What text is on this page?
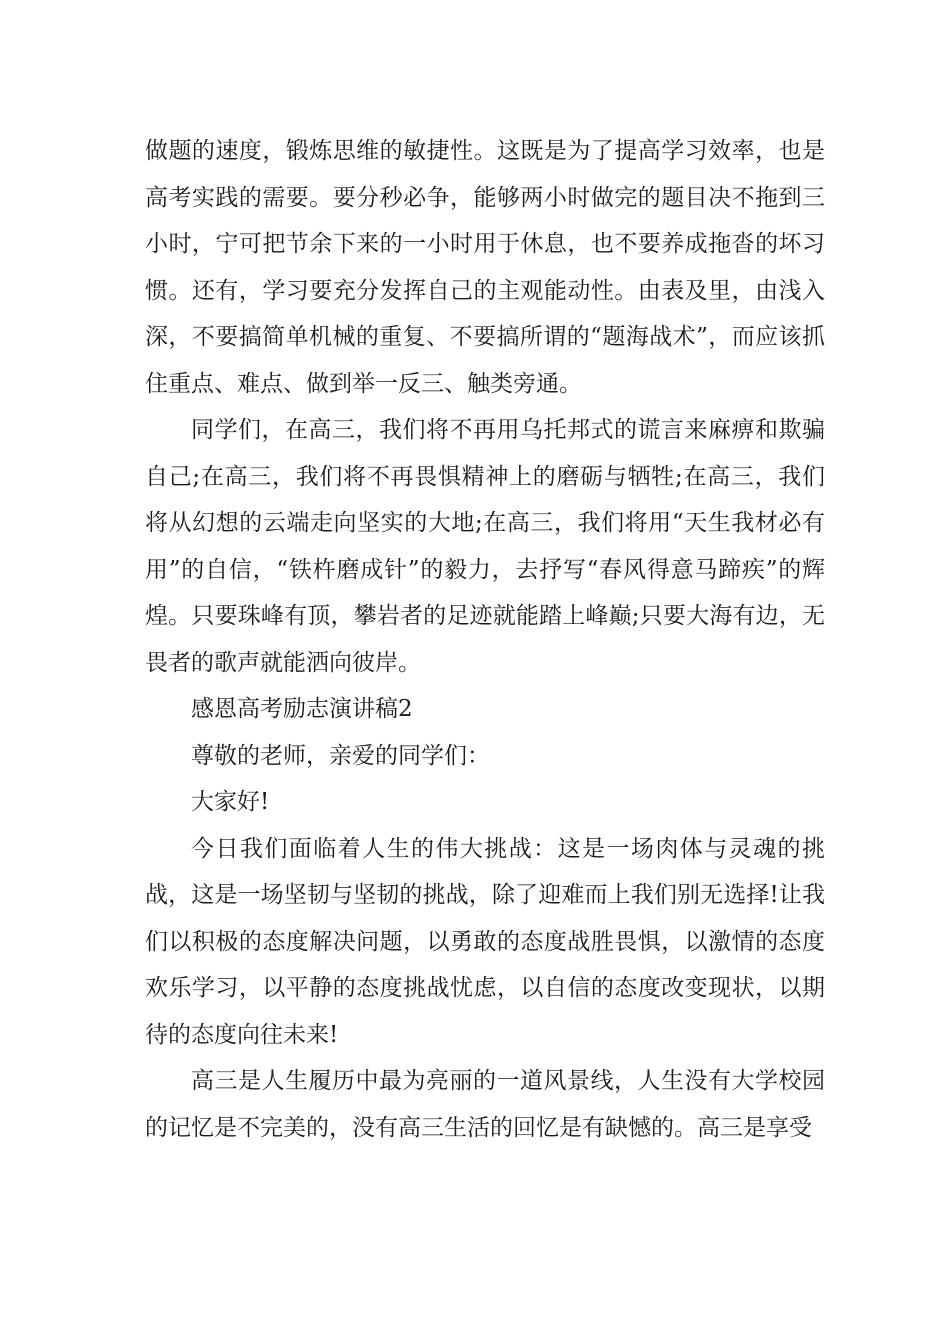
做题的速度，锻炼思维的敏捷性。这既是为了提高学习效率，也是高考实践的需要。要分秒必争，能够两小时做完的题目决不拖到三小时，宁可把节余下来的一小时用于休息，也不要养成拖沓的坏习惯。还有，学习要充分发挥自己的主观能动性。由表及里，由浅入深，不要搞简单机械的重复、不要搞所谓的“题海战术”，而应该抓住重点、难点、做到举一反三、触类旁通。

同学们，在高三，我们将不再用乌托邦式的谎言来麻痹和欺骗自己;在高三，我们将不再畏惧精神上的磨砺与牺牲;在高三，我们将从幻想的云端走向坚实的大地;在高三，我们将用“天生我材必有用”的自信，“铁杵磨成针”的毅力，去抒写“春风得意马蹄疾”的辉煌。只要珠峰有顶，攀岩者的足迹就能踏上峰巅;只要大海有边，无畏者的歌声就能洒向彼岸。

感恩高考励志演讲稿2

尊敬的老师，亲爱的同学们：

大家好!

今日我们面临着人生的伟大挑战：这是一场肉体与灵魂的挑战，这是一场坚韧与坚韧的挑战，除了迎难而上我们别无选择!让我们以积极的态度解决问题，以勇敢的态度战胜畏惧，以激情的态度欢乐学习，以平静的态度挑战忧虑，以自信的态度改变现状，以期待的态度向往未来!

高三是人生履历中最为亮丽的一道风景线，人生没有大学校园的记忆是不完美的，没有高三生活的回忆是有缺憾的。高三是享受
